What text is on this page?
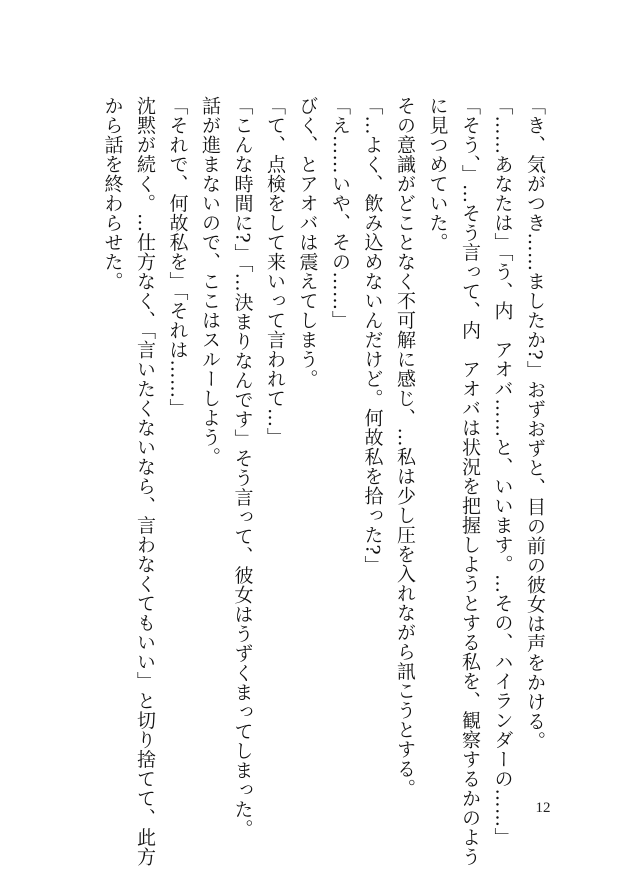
「き、気がつき……ましたか?」おずおずと、目の前の彼女は声をかける。

「……あなたは」「う、内　アオバ……と、いいます。…その、ハイランダーの……」

「そう、」…そう言って、内　アオバは状況を把握しようとする私を、観察するかのよう

に見つめていた。

その意識がどことなく不可解に感じ、…私は少し圧を入れながら訊こうとする。

「…よく、飲み込めないんだけど。何故私を拾った?」

「え……いや、その……」

びく、とアオバは震えてしまう。

「て、点検をして来いって言われて…」

「こんな時間に?」「…決まりなんです」そう言って、彼女はうずくまってしまった。

話が進まないので、ここはスルーしよう。

「それで、何故私を」「それは……」

沈黙が続く。…仕方なく、「言いたくないなら、言わなくてもいい」と切り捨てて、此方

から話を終わらせた。

12
